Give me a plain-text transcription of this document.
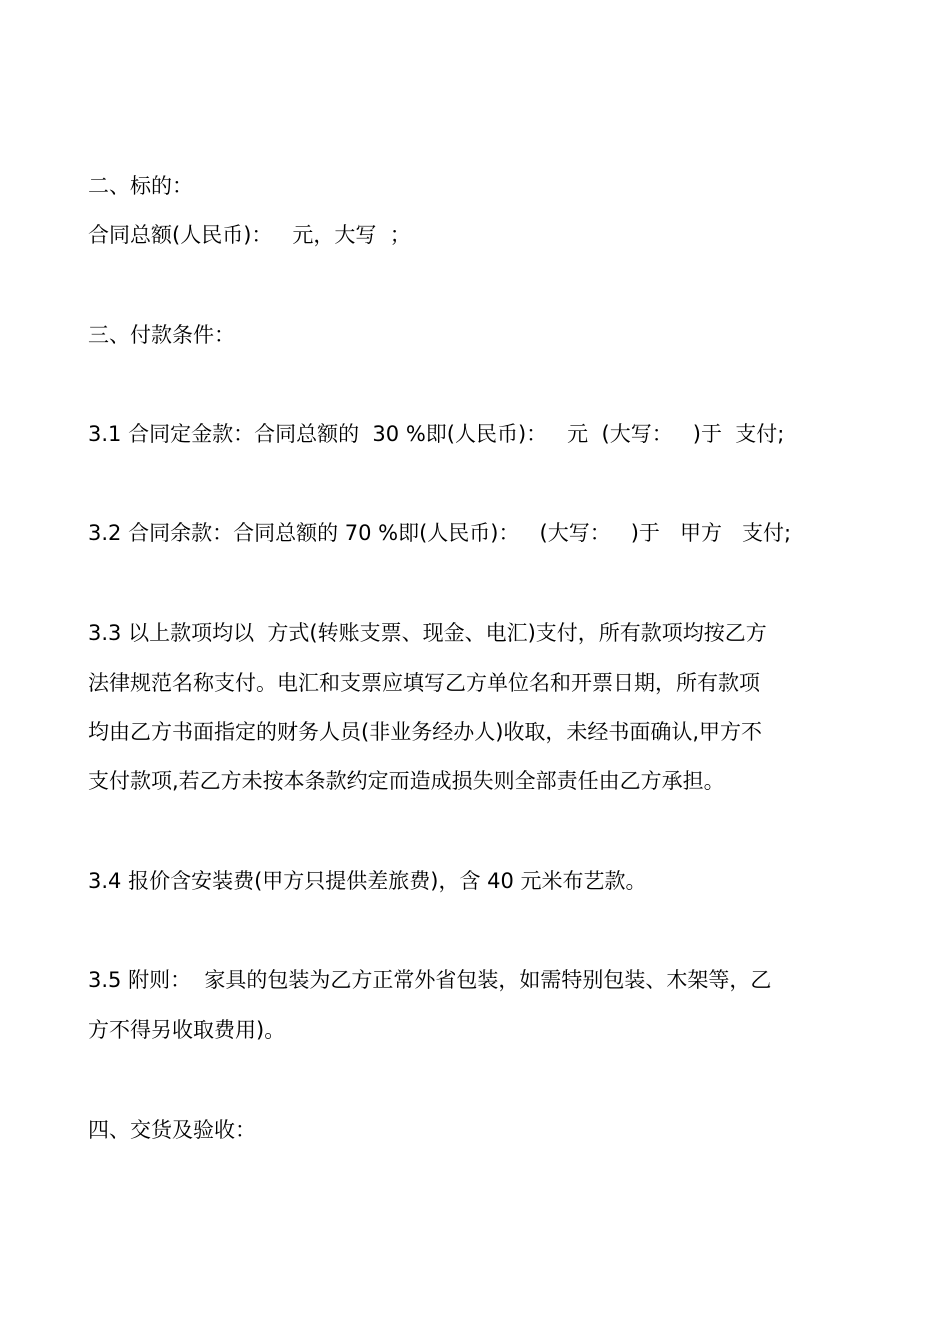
二、标的：
合同总额(人民币)：   元，大写  ；
三、付款条件：
3.1 合同定金款：合同总额的  30 %即(人民币)：   元  (大写：   )于  支付;
3.2 合同余款：合同总额的 70 %即(人民币)：   (大写：   )于   甲方   支付;
3.3 以上款项均以  方式(转账支票、现金、电汇)支付，所有款项均按乙方
法律规范名称支付。电汇和支票应填写乙方单位名和开票日期，所有款项
均由乙方书面指定的财务人员(非业务经办人)收取，未经书面确认,甲方不
支付款项,若乙方未按本条款约定而造成损失则全部责任由乙方承担。
3.4 报价含安装费(甲方只提供差旅费)，含 40 元米布艺款。
3.5 附则：  家具的包装为乙方正常外省包装，如需特别包装、木架等，乙
方不得另收取费用)。
四、交货及验收：
